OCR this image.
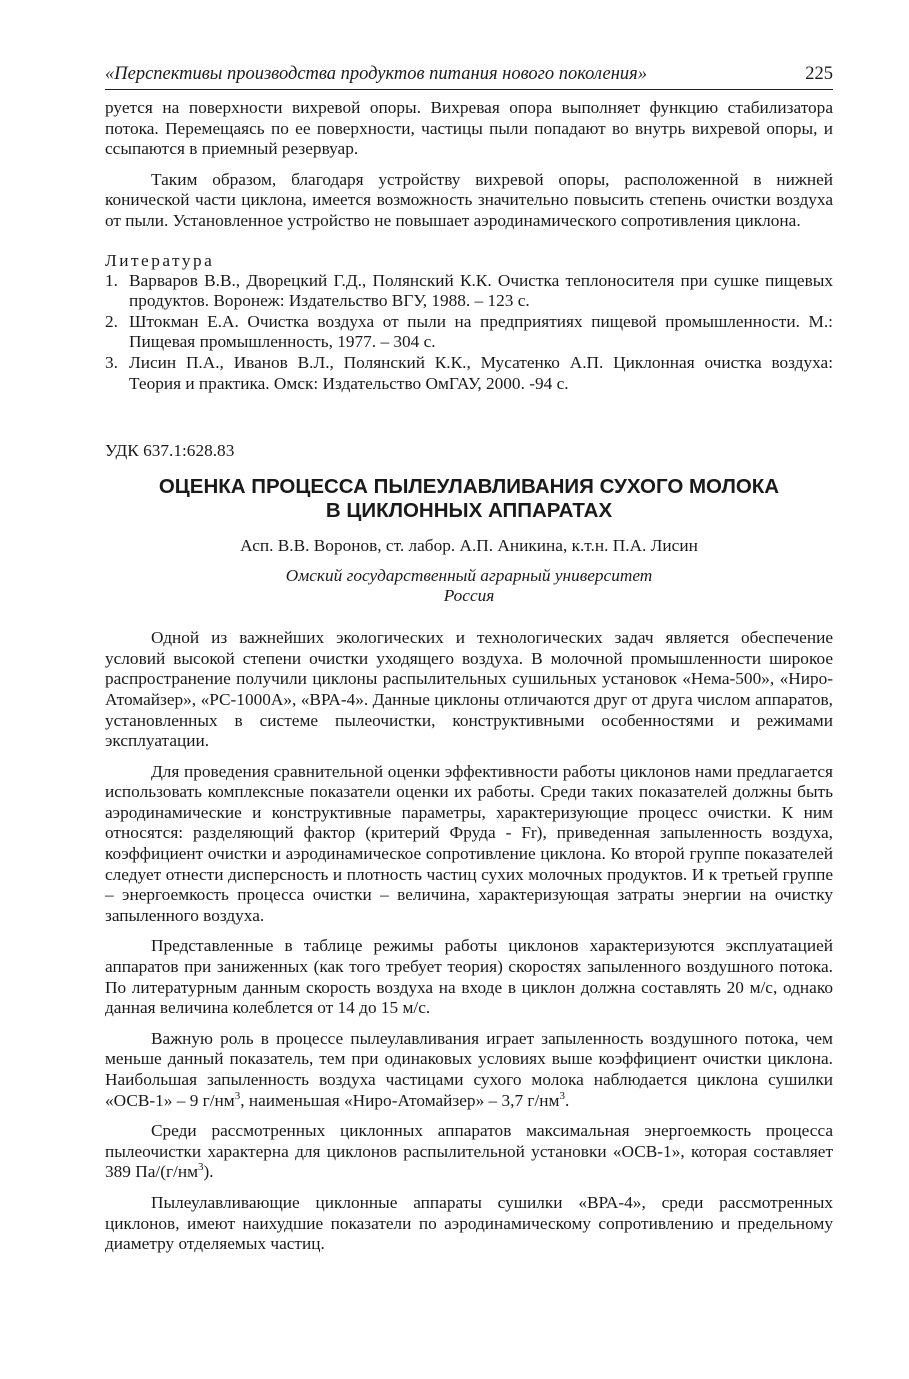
«Перспективы производства продуктов питания нового поколения»	225

руется на поверхности вихревой опоры. Вихревая опора выполняет функцию стабилизатора потока. Перемещаясь по ее поверхности, частицы пыли попадают во внутрь вихревой опоры, и ссыпаются в приемный резервуар.

Таким образом, благодаря устройству вихревой опоры, расположенной в нижней конической части циклона, имеется возможность значительно повысить степень очистки воздуха от пыли. Установленное устройство не повышает аэродинамического сопротивления циклона.

Литература
1. Варваров В.В., Дворецкий Г.Д., Полянский К.К. Очистка теплоносителя при сушке пищевых продуктов. Воронеж: Издательство ВГУ, 1988. – 123 с.
2. Штокман Е.А. Очистка воздуха от пыли на предприятиях пищевой промышленности. М.: Пищевая промышленность, 1977. – 304 с.
3. Лисин П.А., Иванов В.Л., Полянский К.К., Мусатенко А.П. Циклонная очистка воздуха: Теория и практика. Омск: Издательство ОмГАУ, 2000. -94 с.
УДК 637.1:628.83
ОЦЕНКА ПРОЦЕССА ПЫЛЕУЛАВЛИВАНИЯ СУХОГО МОЛОКА
В ЦИКЛОННЫХ АППАРАТАХ
Асп. В.В. Воронов, ст. лабор. А.П. Аникина, к.т.н. П.А. Лисин
Омский государственный аграрный университет
Россия

Одной из важнейших экологических и технологических задач является обеспечение условий высокой степени очистки уходящего воздуха. В молочной промышленности широкое распространение получили циклоны распылительных сушильных установок «Нема-500», «Ниро-Атомайзер», «РС-1000А», «ВРА-4». Данные циклоны отличаются друг от друга числом аппаратов, установленных в системе пылеочистки, конструктивными особенностями и режимами эксплуатации.

Для проведения сравнительной оценки эффективности работы циклонов нами предлагается использовать комплексные показатели оценки их работы. Среди таких показателей должны быть аэродинамические и конструктивные параметры, характеризующие процесс очистки. К ним относятся: разделяющий фактор (критерий Фруда - Fr), приведенная запыленность воздуха, коэффициент очистки и аэродинамическое сопротивление циклона. Ко второй группе показателей следует отнести дисперсность и плотность частиц сухих молочных продуктов. И к третьей группе – энергоемкость процесса очистки – величина, характеризующая затраты энергии на очистку запыленного воздуха.

Представленные в таблице режимы работы циклонов характеризуются эксплуатацией аппаратов при заниженных (как того требует теория) скоростях запыленного воздушного потока. По литературным данным скорость воздуха на входе в циклон должна составлять 20 м/с, однако данная величина колеблется от 14 до 15 м/с.

Важную роль в процессе пылеулавливания играет запыленность воздушного потока, чем меньше данный показатель, тем при одинаковых условиях выше коэффициент очистки циклона. Наибольшая запыленность воздуха частицами сухого молока наблюдается циклона сушилки «ОСВ-1» – 9 $г/нм^3$, наименьшая «Ниро-Атомайзер» – 3,7 $г/нм^3$.

Среди рассмотренных циклонных аппаратов максимальная энергоемкость процесса пылеочистки характерна для циклонов распылительной установки «ОСВ-1», которая составляет 389 $Па/(г/нм^3)$.

Пылеулавливающие циклонные аппараты сушилки «ВРА-4», среди рассмотренных циклонов, имеют наихудшие показатели по аэродинамическому сопротивлению и предельному диаметру отделяемых частиц.
